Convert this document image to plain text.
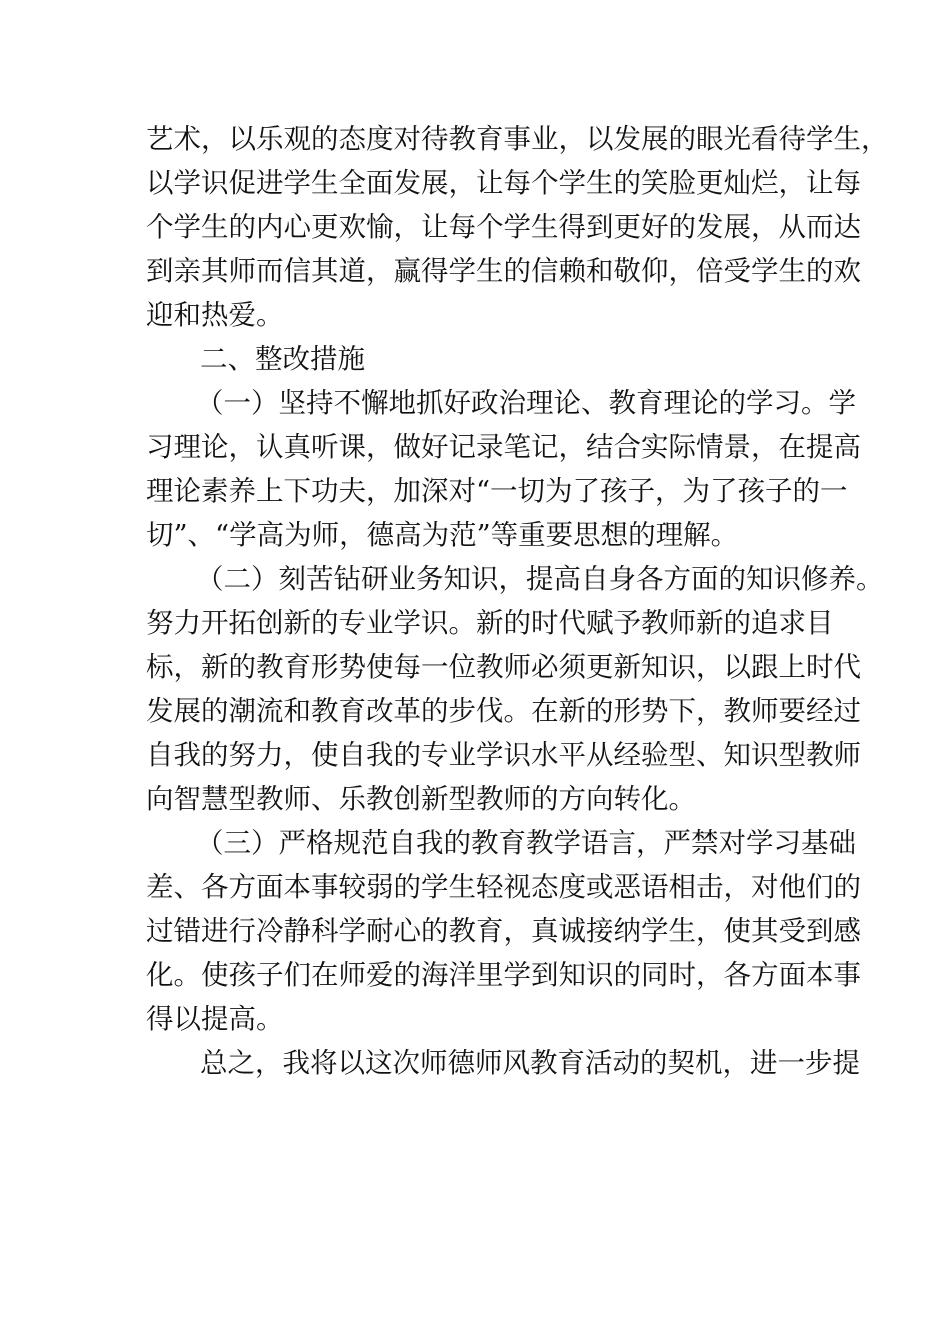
艺术，以乐观的态度对待教育事业，以发展的眼光看待学生，
以学识促进学生全面发展，让每个学生的笑脸更灿烂，让每
个学生的内心更欢愉，让每个学生得到更好的发展，从而达
到亲其师而信其道，赢得学生的信赖和敬仰，倍受学生的欢
迎和热爱。
二、整改措施
（一）坚持不懈地抓好政治理论、教育理论的学习。学
习理论，认真听课，做好记录笔记，结合实际情景，在提高
理论素养上下功夫，加深对“一切为了孩子，为了孩子的一
切”、“学高为师，德高为范”等重要思想的理解。
（二）刻苦钻研业务知识，提高自身各方面的知识修养。
努力开拓创新的专业学识。新的时代赋予教师新的追求目
标，新的教育形势使每一位教师必须更新知识，以跟上时代
发展的潮流和教育改革的步伐。在新的形势下，教师要经过
自我的努力，使自我的专业学识水平从经验型、知识型教师
向智慧型教师、乐教创新型教师的方向转化。
（三）严格规范自我的教育教学语言，严禁对学习基础
差、各方面本事较弱的学生轻视态度或恶语相击，对他们的
过错进行冷静科学耐心的教育，真诚接纳学生，使其受到感
化。使孩子们在师爱的海洋里学到知识的同时，各方面本事
得以提高。
总之，我将以这次师德师风教育活动的契机，进一步提
